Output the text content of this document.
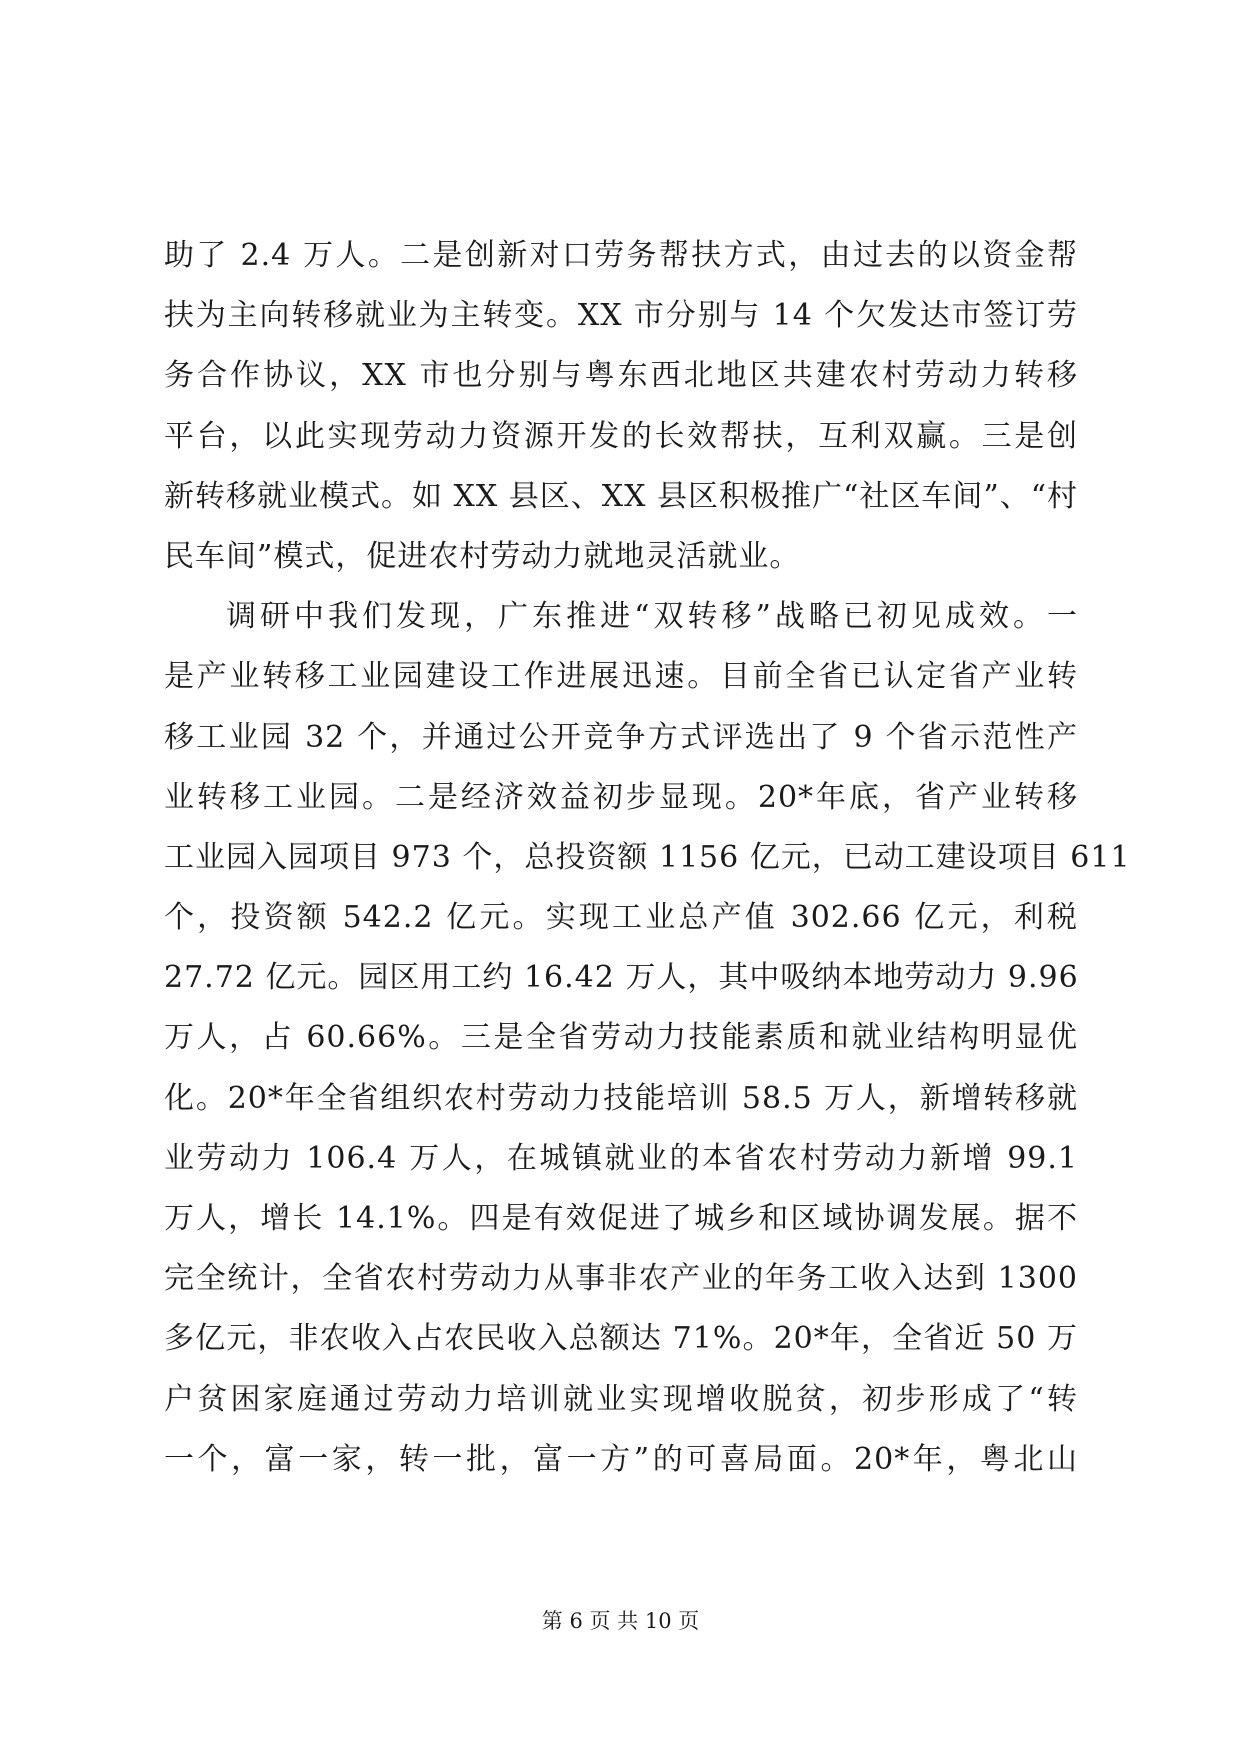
助了 2.4 万人。二是创新对口劳务帮扶方式，由过去的以资金帮
扶为主向转移就业为主转变。XX 市分别与 14 个欠发达市签订劳
务合作协议，XX 市也分别与粤东西北地区共建农村劳动力转移
平台，以此实现劳动力资源开发的长效帮扶，互利双赢。三是创
新转移就业模式。如 XX 县区、XX 县区积极推广“社区车间”、“村
民车间”模式，促进农村劳动力就地灵活就业。
调研中我们发现，广东推进“双转移”战略已初见成效。一
是产业转移工业园建设工作进展迅速。目前全省已认定省产业转
移工业园 32 个，并通过公开竞争方式评选出了 9 个省示范性产
业转移工业园。二是经济效益初步显现。20*年底，省产业转移
工业园入园项目 973 个，总投资额 1156 亿元，已动工建设项目 611
个，投资额 542.2 亿元。实现工业总产值 302.66 亿元，利税
27.72 亿元。园区用工约 16.42 万人，其中吸纳本地劳动力 9.96
万人，占 60.66%。三是全省劳动力技能素质和就业结构明显优
化。20*年全省组织农村劳动力技能培训 58.5 万人，新增转移就
业劳动力 106.4 万人，在城镇就业的本省农村劳动力新增 99.1
万人，增长 14.1%。四是有效促进了城乡和区域协调发展。据不
完全统计，全省农村劳动力从事非农产业的年务工收入达到 1300
多亿元，非农收入占农民收入总额达 71%。20*年，全省近 50 万
户贫困家庭通过劳动力培训就业实现增收脱贫，初步形成了“转
一个，富一家，转一批，富一方”的可喜局面。20*年，粤北山
第 6 页 共 10 页
